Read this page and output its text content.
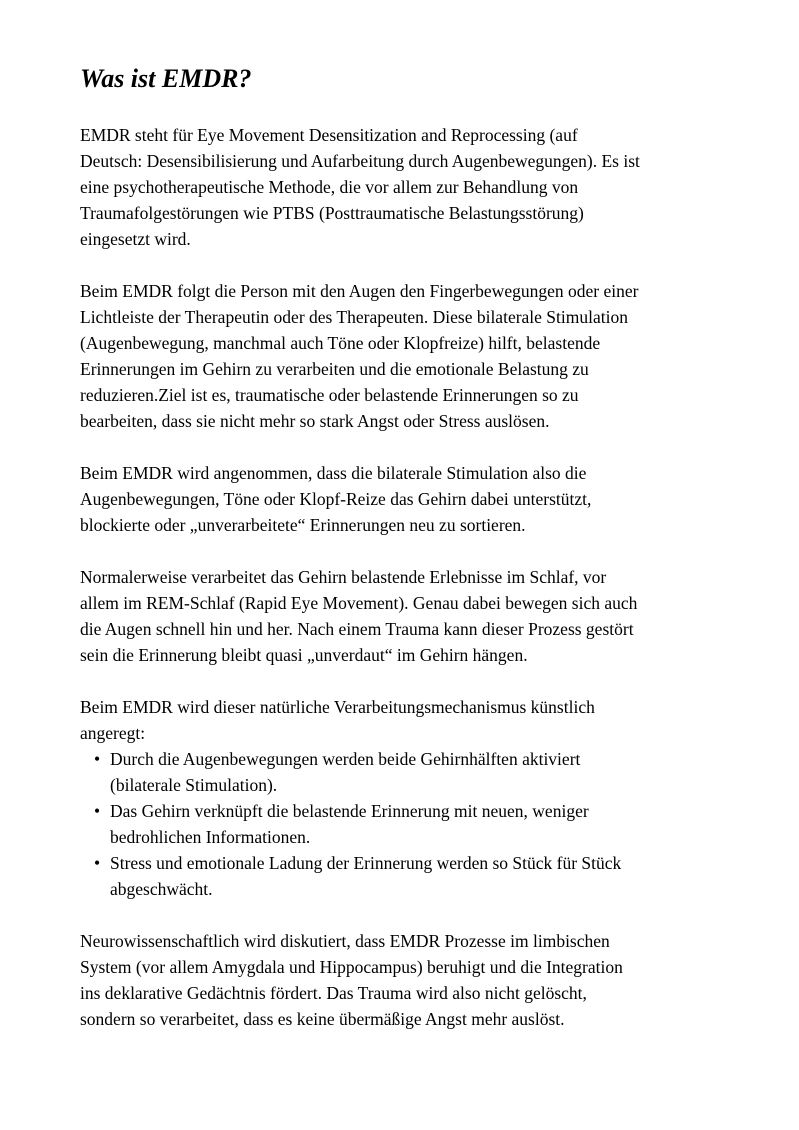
Was ist EMDR?

EMDR steht für Eye Movement Desensitization and Reprocessing (auf
Deutsch: Desensibilisierung und Aufarbeitung durch Augenbewegungen). Es ist
eine psychotherapeutische Methode, die vor allem zur Behandlung von
Traumafolgestörungen wie PTBS (Posttraumatische Belastungsstörung)
eingesetzt wird.

Beim EMDR folgt die Person mit den Augen den Fingerbewegungen oder einer
Lichtleiste der Therapeutin oder des Therapeuten. Diese bilaterale Stimulation
(Augenbewegung, manchmal auch Töne oder Klopfreize) hilft, belastende
Erinnerungen im Gehirn zu verarbeiten und die emotionale Belastung zu
reduzieren.Ziel ist es, traumatische oder belastende Erinnerungen so zu
bearbeiten, dass sie nicht mehr so stark Angst oder Stress auslösen.

Beim EMDR wird angenommen, dass die bilaterale Stimulation also die
Augenbewegungen, Töne oder Klopf-Reize das Gehirn dabei unterstützt,
blockierte oder „unverarbeitete“ Erinnerungen neu zu sortieren.

Normalerweise verarbeitet das Gehirn belastende Erlebnisse im Schlaf, vor
allem im REM-Schlaf (Rapid Eye Movement). Genau dabei bewegen sich auch
die Augen schnell hin und her. Nach einem Trauma kann dieser Prozess gestört
sein die Erinnerung bleibt quasi „unverdaut“ im Gehirn hängen.

Beim EMDR wird dieser natürliche Verarbeitungsmechanismus künstlich
angeregt:

• Durch die Augenbewegungen werden beide Gehirnhälften aktiviert
(bilaterale Stimulation).
• Das Gehirn verknüpft die belastende Erinnerung mit neuen, weniger
bedrohlichen Informationen.
• Stress und emotionale Ladung der Erinnerung werden so Stück für Stück
abgeschwächt.

Neurowissenschaftlich wird diskutiert, dass EMDR Prozesse im limbischen
System (vor allem Amygdala und Hippocampus) beruhigt und die Integration
ins deklarative Gedächtnis fördert. Das Trauma wird also nicht gelöscht,
sondern so verarbeitet, dass es keine übermäßige Angst mehr auslöst.
